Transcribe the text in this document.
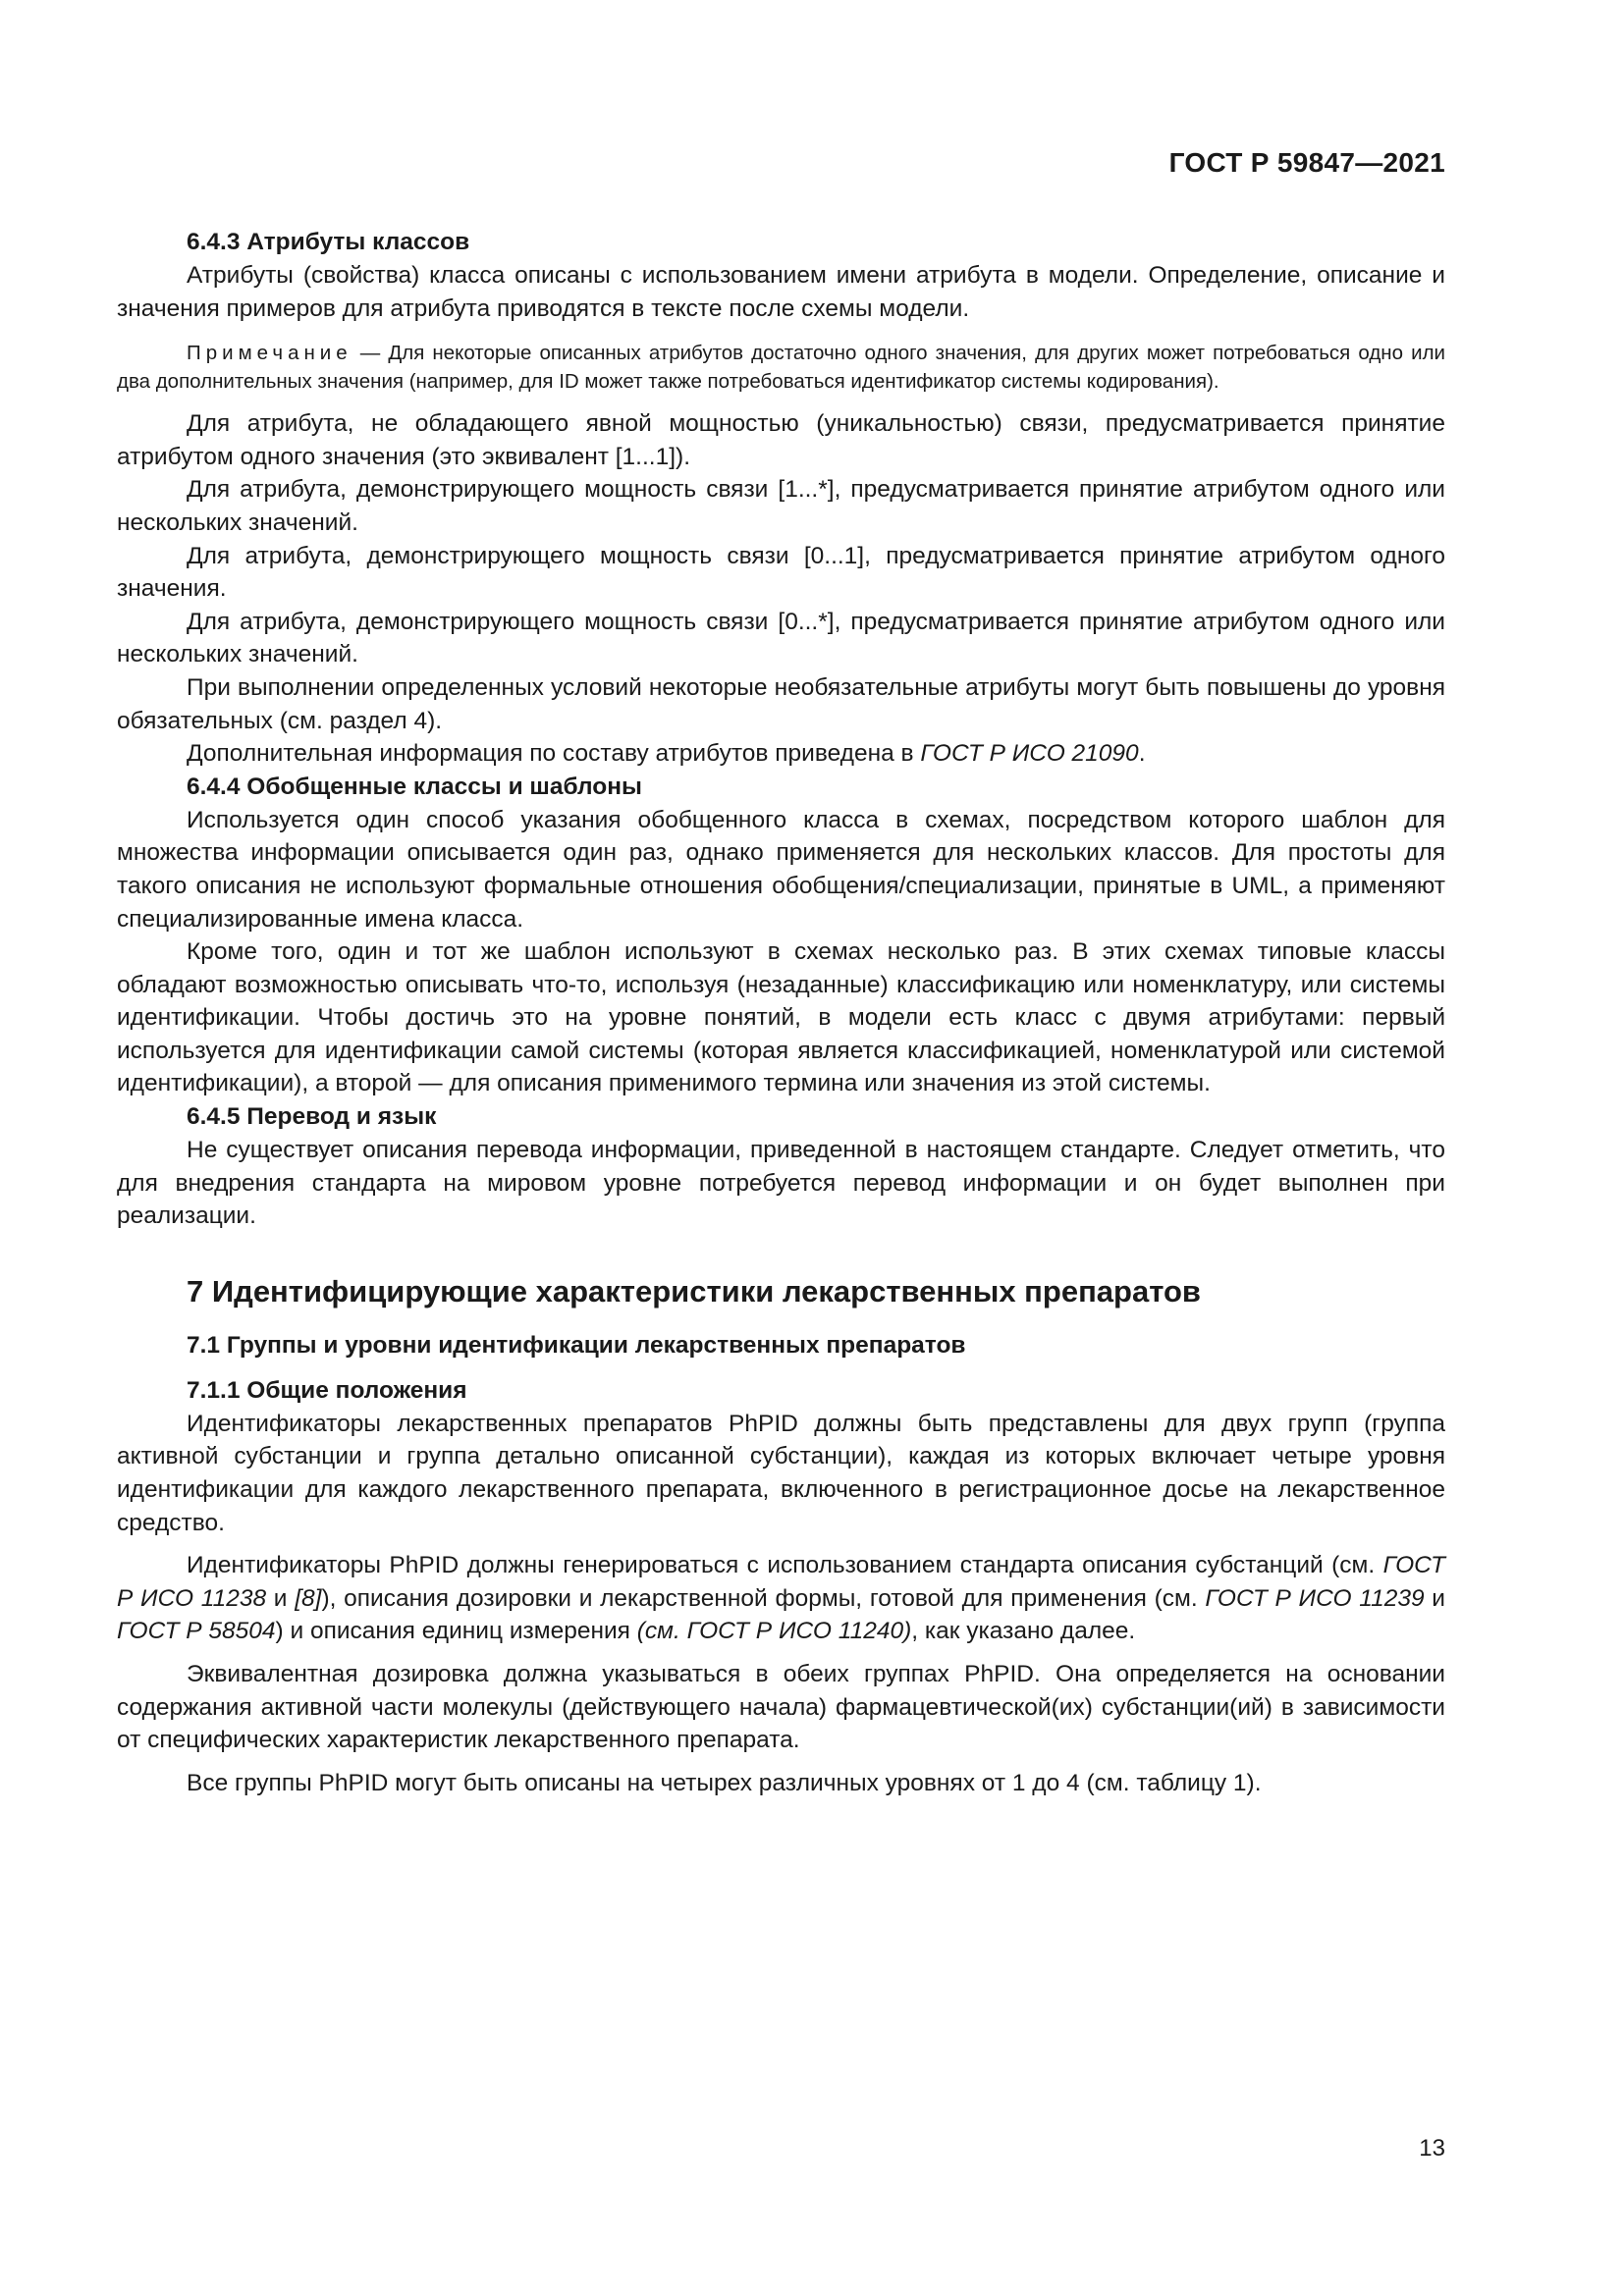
ГОСТ Р 59847—2021

6.4.3 Атрибуты классов

Атрибуты (свойства) класса описаны с использованием имени атрибута в модели. Определение, описание и значения примеров для атрибута приводятся в тексте после схемы модели.

Примечание — Для некоторые описанных атрибутов достаточно одного значения, для других может потребоваться одно или два дополнительных значения (например, для ID может также потребоваться идентификатор системы кодирования).

Для атрибута, не обладающего явной мощностью (уникальностью) связи, предусматривается принятие атрибутом одного значения (это эквивалент [1...1]).

Для атрибута, демонстрирующего мощность связи [1...*], предусматривается принятие атрибутом одного или нескольких значений.

Для атрибута, демонстрирующего мощность связи [0...1], предусматривается принятие атрибутом одного значения.

Для атрибута, демонстрирующего мощность связи [0...*], предусматривается принятие атрибутом одного или нескольких значений.

При выполнении определенных условий некоторые необязательные атрибуты могут быть повышены до уровня обязательных (см. раздел 4).

Дополнительная информация по составу атрибутов приведена в ГОСТ Р ИСО 21090.

6.4.4 Обобщенные классы и шаблоны

Используется один способ указания обобщенного класса в схемах, посредством которого шаблон для множества информации описывается один раз, однако применяется для нескольких классов. Для простоты для такого описания не используют формальные отношения обобщения/специализации, принятые в UML, а применяют специализированные имена класса.

Кроме того, один и тот же шаблон используют в схемах несколько раз. В этих схемах типовые классы обладают возможностью описывать что-то, используя (незаданные) классификацию или номенклатуру, или системы идентификации. Чтобы достичь это на уровне понятий, в модели есть класс с двумя атрибутами: первый используется для идентификации самой системы (которая является классификацией, номенклатурой или системой идентификации), а второй — для описания применимого термина или значения из этой системы.

6.4.5 Перевод и язык

Не существует описания перевода информации, приведенной в настоящем стандарте. Следует отметить, что для внедрения стандарта на мировом уровне потребуется перевод информации и он будет выполнен при реализации.

7 Идентифицирующие характеристики лекарственных препаратов

7.1 Группы и уровни идентификации лекарственных препаратов

7.1.1 Общие положения

Идентификаторы лекарственных препаратов PhPID должны быть представлены для двух групп (группа активной субстанции и группа детально описанной субстанции), каждая из которых включает четыре уровня идентификации для каждого лекарственного препарата, включенного в регистрационное досье на лекарственное средство.

Идентификаторы PhPID должны генерироваться с использованием стандарта описания субстанций (см. ГОСТ Р ИСО 11238 и [8]), описания дозировки и лекарственной формы, готовой для применения (см. ГОСТ Р ИСО 11239 и ГОСТ Р 58504) и описания единиц измерения (см. ГОСТ Р ИСО 11240), как указано далее.

Эквивалентная дозировка должна указываться в обеих группах PhPID. Она определяется на основании содержания активной части молекулы (действующего начала) фармацевтической(их) субстанции(ий) в зависимости от специфических характеристик лекарственного препарата.

Все группы PhPID могут быть описаны на четырех различных уровнях от 1 до 4 (см. таблицу 1).

13
